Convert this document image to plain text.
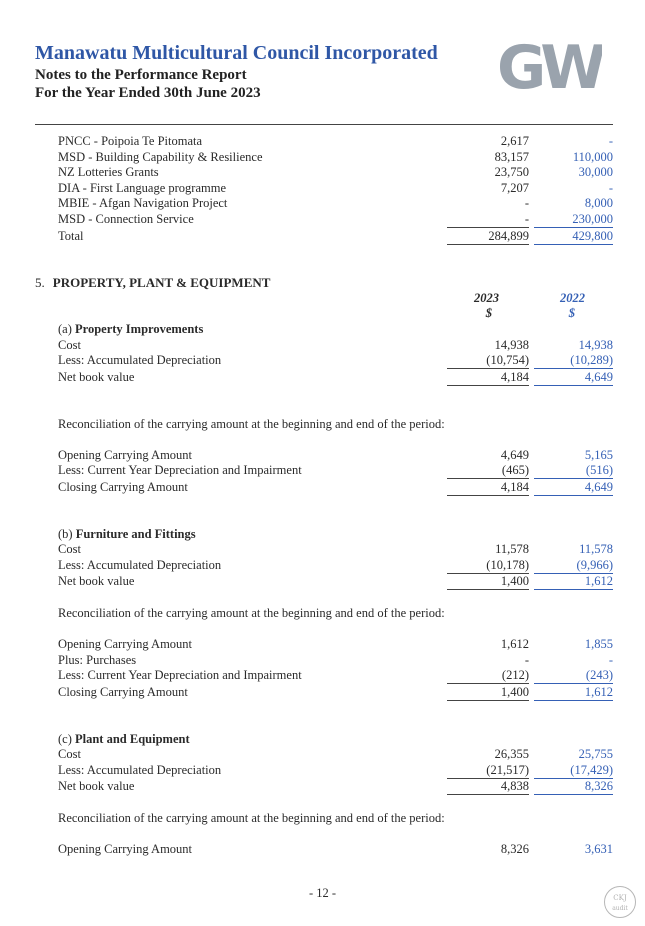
Manawatu Multicultural Council Incorporated
Notes to the Performance Report
For the Year Ended 30th June 2023	GW
PNCC - Poipoia Te Pitomata	2,617	-
MSD - Building Capability & Resilience	83,157	110,000
NZ Lotteries Grants	23,750	30,000
DIA - First Language programme	7,207	-
MBIE - Afgan Navigation Project	-	8,000
MSD - Connection Service	-	230,000
Total	284,899	429,800
5. PROPERTY, PLANT & EQUIPMENT
2023	2022
$	$
(a) Property Improvements
Cost	14,938	14,938
Less: Accumulated Depreciation	(10,754)	(10,289)
Net book value	4,184	4,649
Reconciliation of the carrying amount at the beginning and end of the period:
Opening Carrying Amount	4,649	5,165
Less: Current Year Depreciation and Impairment	(465)	(516)
Closing Carrying Amount	4,184	4,649
(b) Furniture and Fittings
Cost	11,578	11,578
Less: Accumulated Depreciation	(10,178)	(9,966)
Net book value	1,400	1,612
Reconciliation of the carrying amount at the beginning and end of the period:
Opening Carrying Amount	1,612	1,855
Plus: Purchases	-	-
Less: Current Year Depreciation and Impairment	(212)	(243)
Closing Carrying Amount	1,400	1,612
(c) Plant and Equipment
Cost	26,355	25,755
Less: Accumulated Depreciation	(21,517)	(17,429)
Net book value	4,838	8,326
Reconciliation of the carrying amount at the beginning and end of the period:
Opening Carrying Amount	8,326	3,631
- 12 -	CKJ
audit
